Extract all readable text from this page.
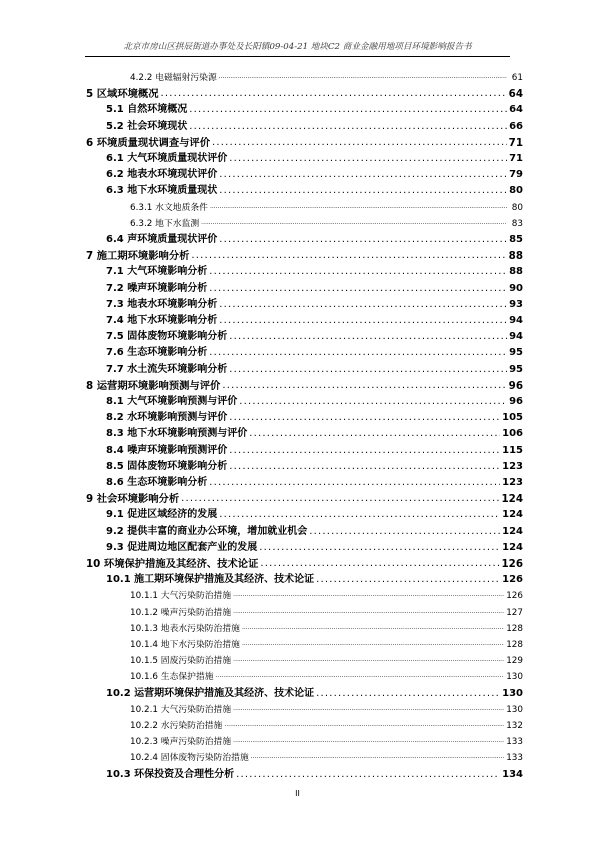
北京市房山区拱辰街道办事处及长阳镇09-04-21 地块C2 商业金融用地项目环境影响报告书
4.2.2 电磁辐射污染源 .....	61
5 区域环境概况 .....	64
5.1 自然环境概况 .....	64
5.2 社会环境现状 .....	66
6 环境质量现状调查与评价 .....	71
6.1 大气环境质量现状评价 .....	71
6.2 地表水环境现状评价 .....	79
6.3 地下水环境质量现状 .....	80
6.3.1 水文地质条件 .....	80
6.3.2 地下水监测 .....	83
6.4 声环境质量现状评价 .....	85
7 施工期环境影响分析 .....	88
7.1 大气环境影响分析 .....	88
7.2 噪声环境影响分析 .....	90
7.3 地表水环境影响分析 .....	93
7.4 地下水环境影响分析 .....	94
7.5 固体废物环境影响分析 .....	94
7.6 生态环境影响分析 .....	95
7.7 水土流失环境影响分析 .....	95
8 运营期环境影响预测与评价 .....	96
8.1 大气环境影响预测与评价 .....	96
8.2 水环境影响预测与评价 .....	105
8.3 地下水环境影响预测与评价 .....	106
8.4 噪声环境影响预测评价 .....	115
8.5 固体废物环境影响分析 .....	123
8.6 生态环境影响分析 .....	123
9 社会环境影响分析 .....	124
9.1 促进区域经济的发展 .....	124
9.2 提供丰富的商业办公环境，增加就业机会 .....	124
9.3 促进周边地区配套产业的发展 .....	124
10 环境保护措施及其经济、技术论证 .....	126
10.1 施工期环境保护措施及其经济、技术论证 .....	126
10.1.1 大气污染防治措施 .....	126
10.1.2 噪声污染防治措施 .....	127
10.1.3 地表水污染防治措施 .....	128
10.1.4 地下水污染防治措施 .....	128
10.1.5 固废污染防治措施 .....	129
10.1.6 生态保护措施 .....	130
10.2 运营期环境保护措施及其经济、技术论证 .....	130
10.2.1 大气污染防治措施 .....	130
10.2.2 水污染防治措施 .....	132
10.2.3 噪声污染防治措施 .....	133
10.2.4 固体废物污染防治措施 .....	133
10.3 环保投资及合理性分析 .....	134
II
